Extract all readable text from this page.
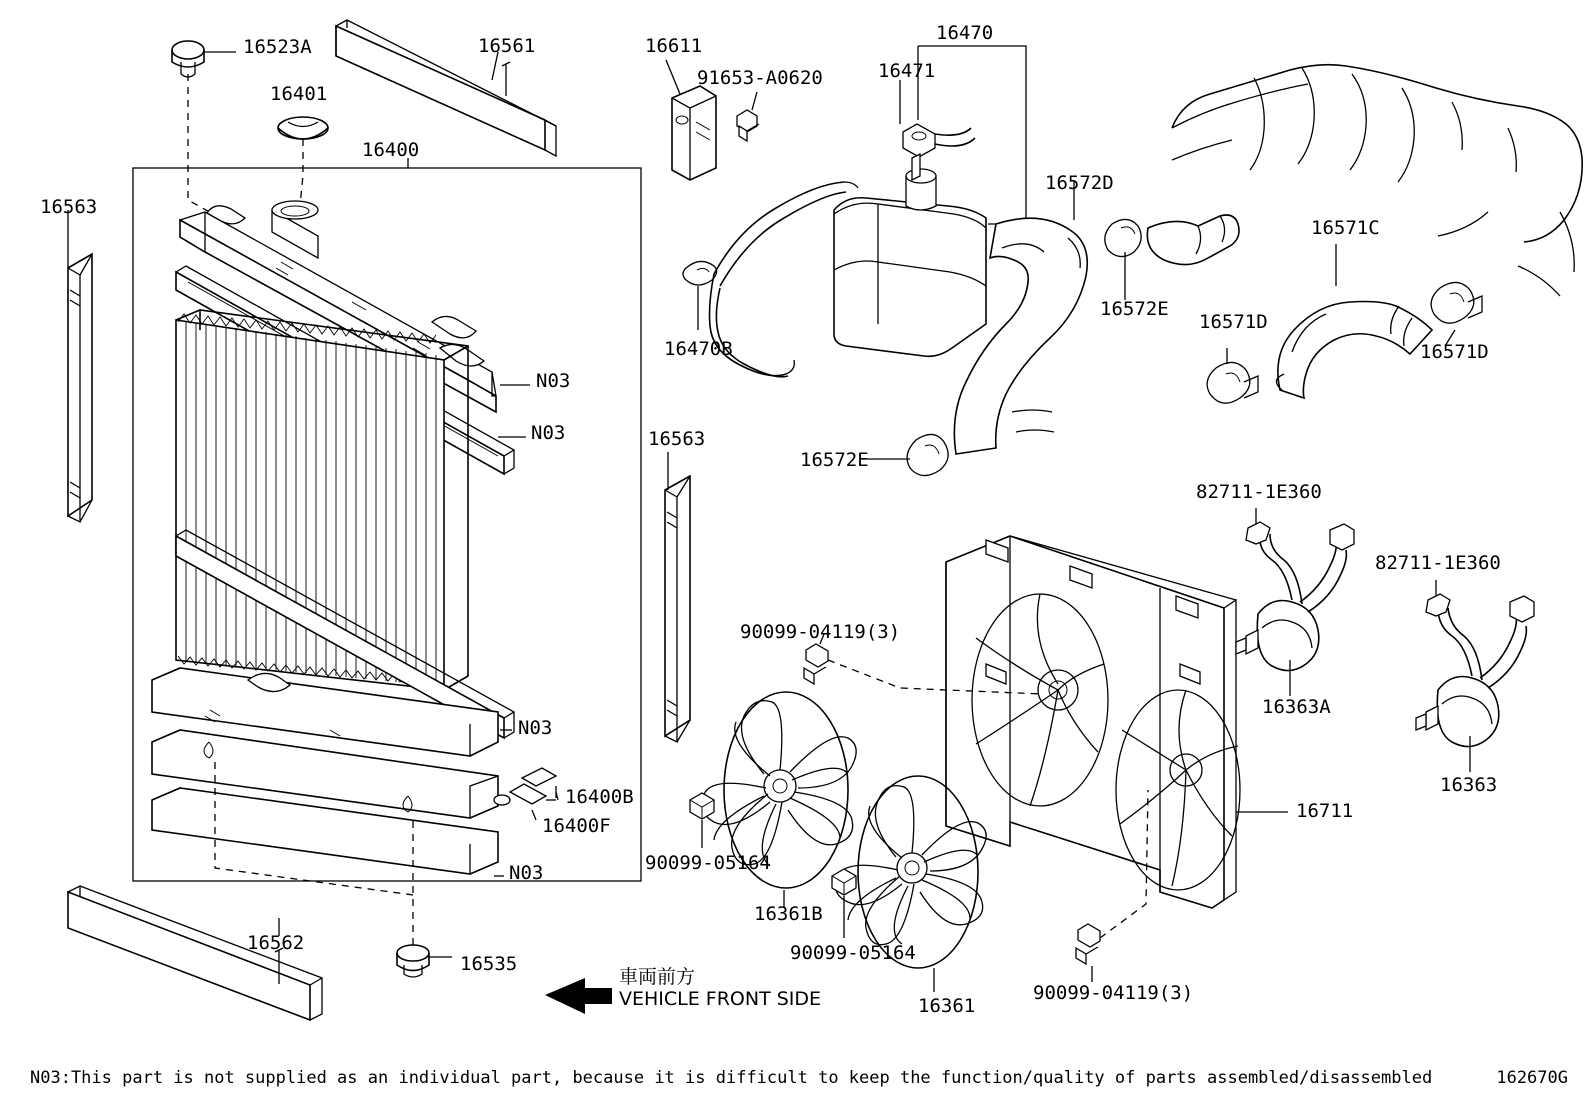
16523A	16561	16611
16470
91653-A0620	16471
16401
16400
16572D
16563
16571C
16572E
16571D
16470B	16571D
N03
N03	16563
16572E
82711-1E360
82711-1E360
90099-04119(3)
16363A
N03
16363
16400B
16711
16400F
90099-05164
N03
16361B
16562	90099-05164
16535
90099-04119(3)
16361
車両前方
VEHICLE FRONT SIDE
N03:This part is not supplied as an individual part, because it is difficult to keep the function/quality of parts assembled/disassembled	162670G
